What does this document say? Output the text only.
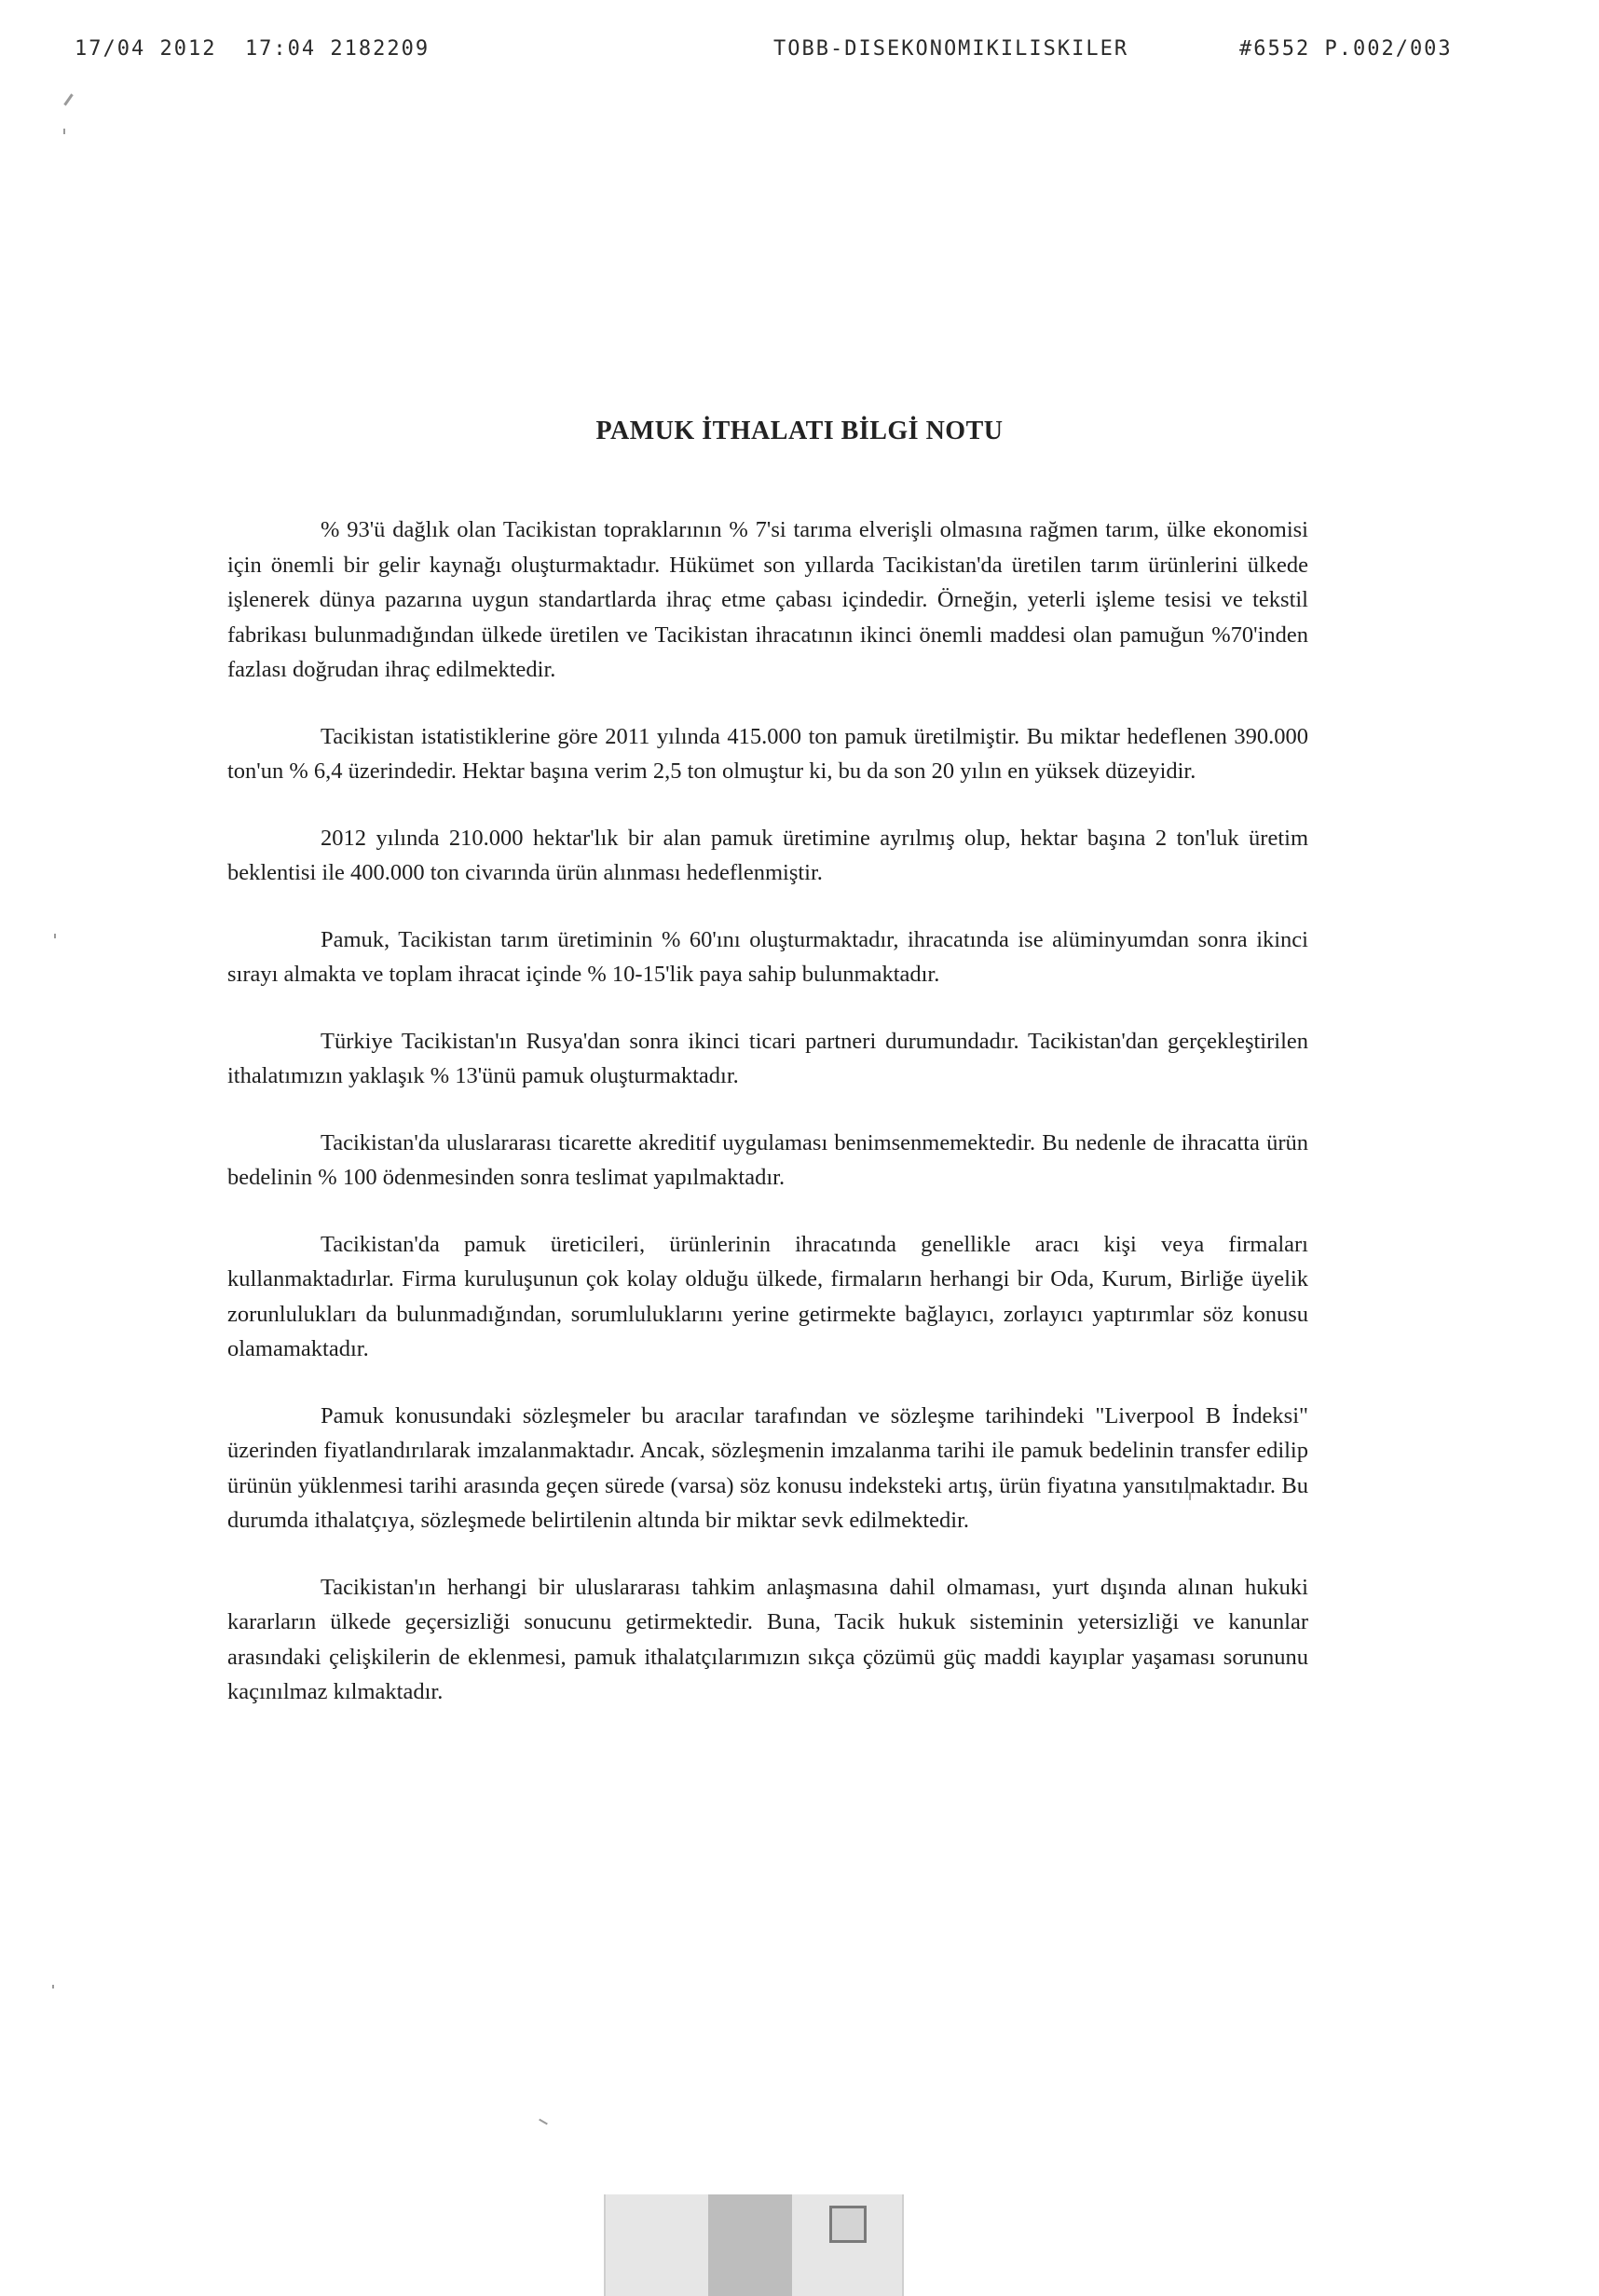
17/04 2012  17:04 2182209	TOBB-DISEKONOMIKILISKILER	#6552 P.002/003
PAMUK İTHALATI BİLGİ NOTU

% 93'ü dağlık olan Tacikistan topraklarının % 7'si tarıma elverişli olmasına rağmen tarım, ülke ekonomisi için önemli bir gelir kaynağı oluşturmaktadır. Hükümet son yıllarda Tacikistan'da üretilen tarım ürünlerini ülkede işlenerek dünya pazarına uygun standartlarda ihraç etme çabası içindedir. Örneğin, yeterli işleme tesisi ve tekstil fabrikası bulunmadığından ülkede üretilen ve Tacikistan ihracatının ikinci önemli maddesi olan pamuğun %70'inden fazlası doğrudan ihraç edilmektedir.

Tacikistan istatistiklerine göre 2011 yılında 415.000 ton pamuk üretilmiştir. Bu miktar hedeflenen 390.000 ton'un % 6,4 üzerindedir. Hektar başına verim 2,5 ton olmuştur ki, bu da son 20 yılın en yüksek düzeyidir.

2012 yılında 210.000 hektar'lık bir alan pamuk üretimine ayrılmış olup, hektar başına 2 ton'luk üretim beklentisi ile 400.000 ton civarında ürün alınması hedeflenmiştir.

Pamuk, Tacikistan tarım üretiminin % 60'ını oluşturmaktadır, ihracatında ise alüminyumdan sonra ikinci sırayı almakta ve toplam ihracat içinde % 10-15'lik paya sahip bulunmaktadır.

Türkiye Tacikistan'ın Rusya'dan sonra ikinci ticari partneri durumundadır. Tacikistan'dan gerçekleştirilen ithalatımızın yaklaşık % 13'ünü pamuk oluşturmaktadır.

Tacikistan'da uluslararası ticarette akreditif uygulaması benimsenmemektedir. Bu nedenle de ihracatta ürün bedelinin % 100 ödenmesinden sonra teslimat yapılmaktadır.

Tacikistan'da pamuk üreticileri, ürünlerinin ihracatında genellikle aracı kişi veya firmaları kullanmaktadırlar. Firma kuruluşunun çok kolay olduğu ülkede, firmaların herhangi bir Oda, Kurum, Birliğe üyelik zorunlulukları da bulunmadığından, sorumluluklarını yerine getirmekte bağlayıcı, zorlayıcı yaptırımlar söz konusu olamamaktadır.

Pamuk konusundaki sözleşmeler bu aracılar tarafından ve sözleşme tarihindeki "Liverpool B İndeksi" üzerinden fiyatlandırılarak imzalanmaktadır. Ancak, sözleşmenin imzalanma tarihi ile pamuk bedelinin transfer edilip ürünün yüklenmesi tarihi arasında geçen sürede (varsa) söz konusu indeksteki artış, ürün fiyatına yansıtılmaktadır. Bu durumda ithalatçıya, sözleşmede belirtilenin altında bir miktar sevk edilmektedir.

Tacikistan'ın herhangi bir uluslararası tahkim anlaşmasına dahil olmaması, yurt dışında alınan hukuki kararların ülkede geçersizliği sonucunu getirmektedir. Buna, Tacik hukuk sisteminin yetersizliği ve kanunlar arasındaki çelişkilerin de eklenmesi, pamuk ithalatçılarımızın sıkça çözümü güç maddi kayıplar yaşaması sorununu kaçınılmaz kılmaktadır.
